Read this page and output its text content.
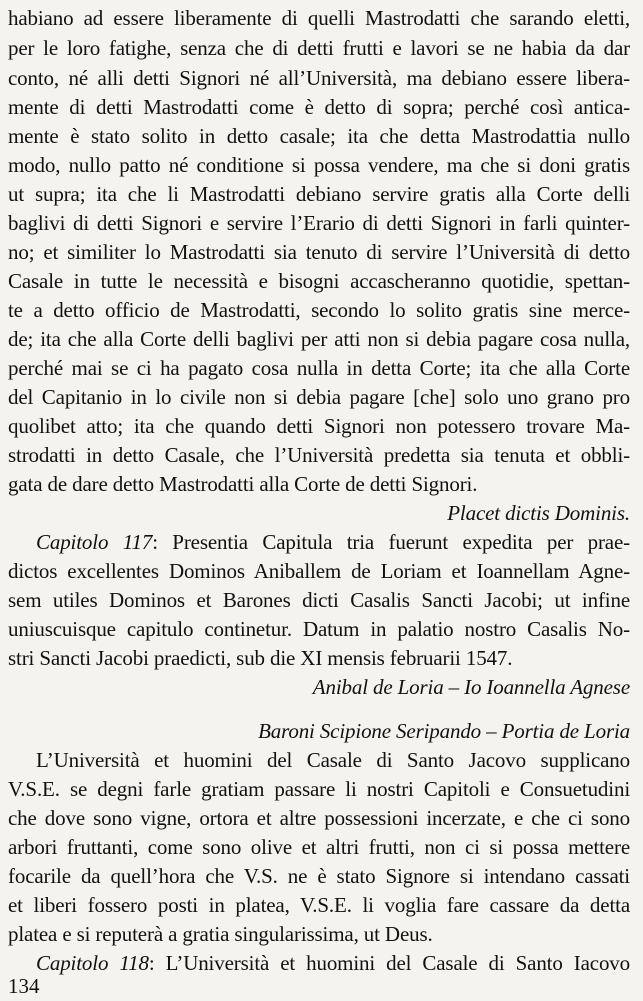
habiano ad essere liberamente di quelli Mastrodatti che sarando eletti,
per le loro fatighe, senza che di detti frutti e lavori se ne habia da dar
conto, né alli detti Signori né all’Università, ma debiano essere libera-
mente di detti Mastrodatti come è detto di sopra; perché così antica-
mente è stato solito in detto casale; ita che detta Mastrodattia nullo
modo, nullo patto né conditione si possa vendere, ma che si doni gratis
ut supra; ita che li Mastrodatti debiano servire gratis alla Corte delli
baglivi di detti Signori e servire l’Erario di detti Signori in farli quinter-
no; et similiter lo Mastrodatti sia tenuto di servire l’Università di detto
Casale in tutte le necessità e bisogni accascheranno quotidie, spettan-
te a detto officio de Mastrodatti, secondo lo solito gratis sine merce-
de; ita che alla Corte delli baglivi per atti non si debia pagare cosa nulla,
perché mai se ci ha pagato cosa nulla in detta Corte; ita che alla Corte
del Capitanio in lo civile non si debia pagare [che] solo uno grano pro
quolibet atto; ita che quando detti Signori non potessero trovare Ma-
strodatti in detto Casale, che l’Università predetta sia tenuta et obbli-
gata de dare detto Mastrodatti alla Corte de detti Signori.
Placet dictis Dominis.
Capitolo 117: Presentia Capitula tria fuerunt expedita per prae-
dictos excellentes Dominos Aniballem de Loriam et Ioannellam Agne-
sem utiles Dominos et Barones dicti Casalis Sancti Jacobi; ut infine
uniuscuisque capitulo continetur. Datum in palatio nostro Casalis No-
stri Sancti Jacobi praedicti, sub die XI mensis februarii 1547.
Anibal de Loria – Io Ioannella Agnese
Baroni Scipione Seripando – Portia de Loria
L’Università et huomini del Casale di Santo Jacovo supplicano
V.S.E. se degni farle gratiam passare li nostri Capitoli e Consuetudini
che dove sono vigne, ortora et altre possessioni incerzate, e che ci sono
arbori fruttanti, come sono olive et altri frutti, non ci si possa mettere
focarile da quell’hora che V.S. ne è stato Signore si intendano cassati
et liberi fossero posti in platea, V.S.E. li voglia fare cassare da detta
platea e si reputerà a gratia singularissima, ut Deus.
Capitolo 118: L’Università et huomini del Casale di Santo Iacovo
134
